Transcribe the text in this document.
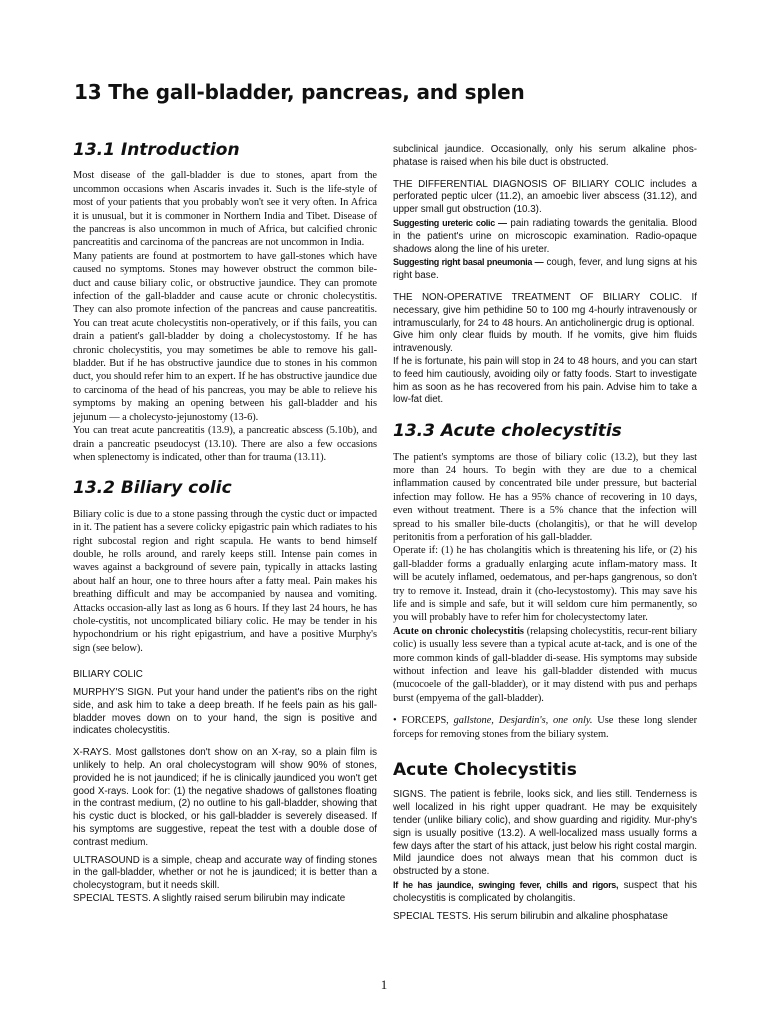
13 The gall-bladder, pancreas, and splen
13.1 Introduction

Most disease of the gall-bladder is due to stones, apart from the uncommon occasions when Ascaris invades it. Such is the life-style of most of your patients that you probably won't see it very often. In Africa it is unusual, but it is commoner in Northern India and Tibet. Disease of the pancreas is also uncommon in much of Africa, but calcified chronic pancreatitis and carcinoma of the pancreas are not uncommon in India.

Many patients are found at postmortem to have gall-stones which have caused no symptoms. Stones may however obstruct the common bile-duct and cause biliary colic, or obstructive jaundice. They can promote infection of the gall-bladder and cause acute or chronic cholecystitis. They can also promote infection of the pancreas and cause pancreatitis. You can treat acute cholecystitis non-operatively, or if this fails, you can drain a patient's gall-bladder by doing a cholecystostomy. If he has chronic cholecystitis, you may sometimes be able to remove his gall-bladder. But if he has obstructive jaundice due to stones in his common duct, you should refer him to an expert. If he has obstructive jaundice due to carcinoma of the head of his pancreas, you may be able to relieve his symptoms by making an opening between his gall-bladder and his jejunum — a cholecysto-jejunostomy (13-6).

You can treat acute pancreatitis (13.9), a pancreatic abscess (5.10b), and drain a pancreatic pseudocyst (13.10). There are also a few occasions when splenectomy is indicated, other than for trauma (13.11).

13.2 Biliary colic

Biliary colic is due to a stone passing through the cystic duct or impacted in it. The patient has a severe colicky epigastric pain which radiates to his right subcostal region and right scapula. He wants to bend himself double, he rolls around, and rarely keeps still. Intense pain comes in waves against a background of severe pain, typically in attacks lasting about half an hour, one to three hours after a fatty meal. Pain makes his breathing difficult and may be accompanied by nausea and vomiting. Attacks occasion-ally last as long as 6 hours. If they last 24 hours, he has chole-cystitis, not uncomplicated biliary colic. He may be tender in his hypochondrium or his right epigastrium, and have a positive Murphy's sign (see below).

BILIARY COLIC

MURPHY'S SIGN. Put your hand under the patient's ribs on the right side, and ask him to take a deep breath. If he feels pain as his gall-bladder moves down on to your hand, the sign is positive and indicates cholecystitis.

X-RAYS. Most gallstones don't show on an X-ray, so a plain film is unlikely to help. An oral cholecystogram will show 90% of stones, provided he is not jaundiced; if he is clinically jaundiced you won't get good X-rays. Look for: (1) the negative shadows of gallstones floating in the contrast medium, (2) no outline to his gall-bladder, showing that his cystic duct is blocked, or his gall-bladder is severely diseased. If his symptoms are suggestive, repeat the test with a double dose of contrast medium.

ULTRASOUND is a simple, cheap and accurate way of finding stones in the gall-bladder, whether or not he is jaundiced; it is better than a cholecystogram, but it needs skill.

SPECIAL TESTS. A slightly raised serum bilirubin may indicate

subclinical jaundice. Occasionally, only his serum alkaline phos-phatase is raised when his bile duct is obstructed.

THE DIFFERENTIAL DIAGNOSIS OF BILIARY COLIC includes a perforated peptic ulcer (11.2), an amoebic liver abscess (31.12), and upper small gut obstruction (10.3).

Suggesting ureteric colic — pain radiating towards the genitalia. Blood in the patient's urine on microscopic examination. Radio-opaque shadows along the line of his ureter.

Suggesting right basal pneumonia — cough, fever, and lung signs at his right base.

THE NON-OPERATIVE TREATMENT OF BILIARY COLIC. If necessary, give him pethidine 50 to 100 mg 4-hourly intravenously or intramuscularly, for 24 to 48 hours. An anticholinergic drug is optional.

Give him only clear fluids by mouth. If he vomits, give him fluids intravenously.

If he is fortunate, his pain will stop in 24 to 48 hours, and you can start to feed him cautiously, avoiding oily or fatty foods. Start to investigate him as soon as he has recovered from his pain. Advise him to take a low-fat diet.

13.3 Acute cholecystitis

The patient's symptoms are those of biliary colic (13.2), but they last more than 24 hours. To begin with they are due to a chemical inflammation caused by concentrated bile under pressure, but bacterial infection may follow. He has a 95% chance of recovering in 10 days, even without treatment. There is a 5% chance that the infection will spread to his smaller bile-ducts (cholangitis), or that he will develop peritonitis from a perforation of his gall-bladder.

Operate if: (1) he has cholangitis which is threatening his life, or (2) his gall-bladder forms a gradually enlarging acute inflam-matory mass. It will be acutely inflamed, oedematous, and per-haps gangrenous, so don't try to remove it. Instead, drain it (cho-lecystostomy). This may save his life and is simple and safe, but it will seldom cure him permanently, so you will probably have to refer him for cholecystectomy later.

Acute on chronic cholecystitis (relapsing cholecystitis, recur-rent biliary colic) is usually less severe than a typical acute at-tack, and is one of the more common kinds of gall-bladder di-sease. His symptoms may subside without infection and leave his gall-bladder distended with mucus (mucocoele of the gall-bladder), or it may distend with pus and perhaps burst (empyema of the gall-bladder).

• FORCEPS, gallstone, Desjardin's, one only. Use these long slender forceps for removing stones from the biliary system.

Acute Cholecystitis

SIGNS. The patient is febrile, looks sick, and lies still. Tenderness is well localized in his right upper quadrant. He may be exquisitely tender (unlike biliary colic), and show guarding and rigidity. Mur-phy's sign is usually positive (13.2). A well-localized mass usually forms a few days after the start of his attack, just below his right costal margin. Mild jaundice does not always mean that his common duct is obstructed by a stone.

If he has jaundice, swinging fever, chills and rigors, suspect that his cholecystitis is complicated by cholangitis.

SPECIAL TESTS. His serum bilirubin and alkaline phosphatase

1
